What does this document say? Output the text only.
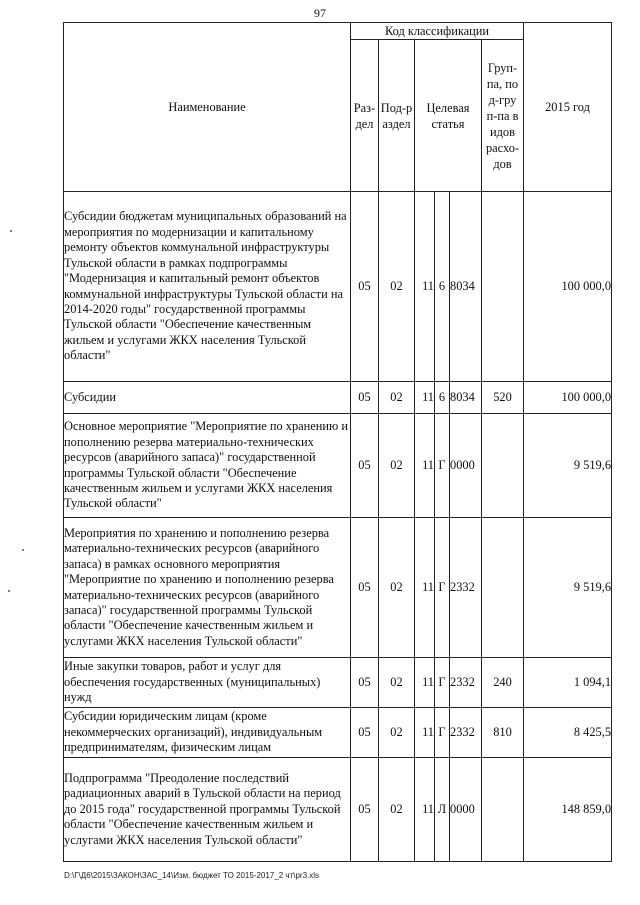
97
Наименование	Код классификации						2015 год

	Раз-дел	Под-раздел	Целевая статья			Груп-па, под-груп-па видов расхо-дов	

Субсидии бюджетам муниципальных образований на мероприятия по модернизации и капитальному ремонту объектов коммунальной инфраструктуры Тульской области в рамках подпрограммы "Модернизация и капитальный ремонт объектов коммунальной инфраструктуры Тульской области на 2014-2020 годы" государственной программы Тульской области "Обеспечение качественным жильем и услугами ЖКХ населения Тульской области"	05	02	11	6	8034		100 000,0
Субсидии	05	02	11	6	8034	520	100 000,0
Основное мероприятие "Мероприятие по хранению и пополнению резерва материально-технических ресурсов (аварийного запаса)" государственной программы Тульской области "Обеспечение качественным жильем и услугами ЖКХ населения Тульской области"	05	02	11	Г	0000		9 519,6
Мероприятия по хранению и пополнению резерва материально-технических ресурсов (аварийного запаса) в рамках основного мероприятия "Мероприятие по хранению и пополнению резерва материально-технических ресурсов (аварийного запаса)" государственной программы Тульской области "Обеспечение качественным жильем и услугами ЖКХ населения Тульской области"	05	02	11	Г	2332		9 519,6
Иные закупки товаров, работ и услуг для обеспечения государственных (муниципальных) нужд	05	02	11	Г	2332	240	1 094,1
Субсидии юридическим лицам (кроме некоммерческих организаций), индивидуальным предпринимателям, физическим лицам	05	02	11	Г	2332	810	8 425,5
Подпрограмма "Преодоление последствий радиационных аварий в Тульской области на период до 2015 года" государственной программы Тульской области "Обеспечение качественным жильем и услугами ЖКХ населения Тульской области"	05	02	11	Л	0000		148 859,0
D:\Г\Д6\2015\ЗАКОН\ЗАС_14\Изм. бюджет ТО 2015-2017_2 чт\pr3.xls
